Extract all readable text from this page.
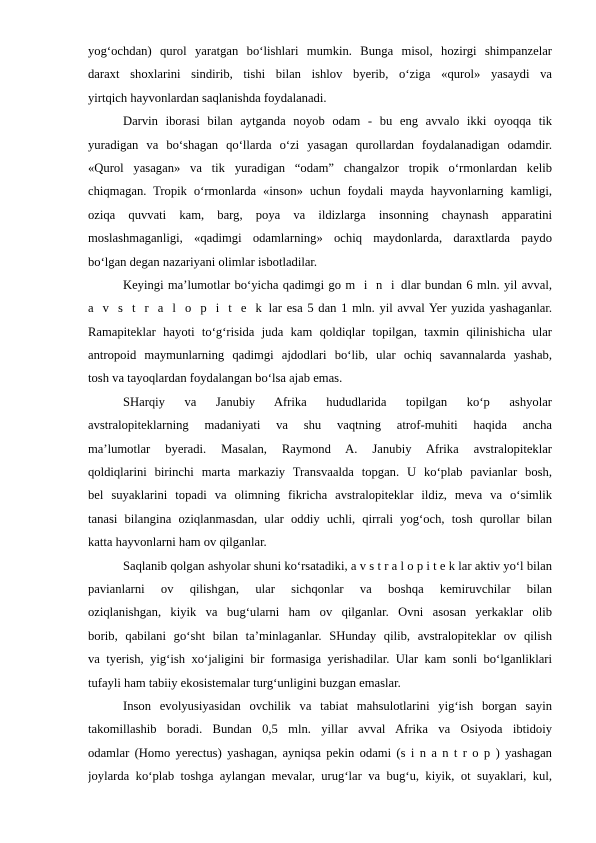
yog‘ochdan) qurol yaratgan bo‘lishlari mumkin. Bunga misol, hozirgi shimpanzelar
daraxt shoxlarini sindirib, tishi bilan ishlov byerib, o‘ziga «qurol» yasaydi va
yirtqich hayvonlardan saqlanishda foydalanadi.
Darvin iborasi bilan aytganda noyob odam - bu eng avvalo ikki oyoqqa tik
yuradigan va bo‘shagan qo‘llarda o‘zi yasagan qurollardan foydalanadigan odamdir.
«Qurol yasagan» va tik yuradigan “odam” changalzor tropik o‘rmonlardan kelib
chiqmagan. Tropik o‘rmonlarda «inson» uchun foydali mayda hayvonlarning kamligi,
oziqa quvvati kam, barg, poya va ildizlarga insonning chaynash apparatini
moslashmaganligi, «qadimgi odamlarning» ochiq maydonlarda, daraxtlarda paydo
bo‘lgan degan nazariyani olimlar isbotladilar.
Keyingi ma’lumotlar bo‘yicha qadimgi go m i n i dlar bundan 6 mln. yil avval,
a v s t r a l o p i t e k lar esa 5 dan 1 mln. yil avval Yer yuzida yashaganlar.
Ramapiteklar hayoti to‘g‘risida juda kam qoldiqlar topilgan, taxmin qilinishicha ular
antropoid maymunlarning qadimgi ajdodlari bo‘lib, ular ochiq savannalarda yashab,
tosh va tayoqlardan foydalangan bo‘lsa ajab emas.
SHarqiy va Janubiy Afrika hududlarida topilgan ko‘p ashyolar
avstralopiteklarning madaniyati va shu vaqtning atrof-muhiti haqida ancha
ma’lumotlar byeradi. Masalan, Raymond A. Janubiy Afrika avstralopiteklar
qoldiqlarini birinchi marta markaziy Transvaalda topgan. U ko‘plab pavianlar bosh,
bel suyaklarini topadi va olimning fikricha avstralopiteklar ildiz, meva va o‘simlik
tanasi bilangina oziqlanmasdan, ular oddiy uchli, qirrali yog‘och, tosh qurollar bilan
katta hayvonlarni ham ov qilganlar.
Saqlanib qolgan ashyolar shuni ko‘rsatadiki, a v s t r a l o p i t e k lar aktiv yo‘l bilan
pavianlarni ov qilishgan, ular sichqonlar va boshqa kemiruvchilar bilan
oziqlanishgan, kiyik va bug‘ularni ham ov qilganlar. Ovni asosan yerkaklar olib
borib, qabilani go‘sht bilan ta’minlaganlar. SHunday qilib, avstralopiteklar ov qilish
va tyerish, yig‘ish xo‘jaligini bir formasiga yerishadilar. Ular kam sonli bo‘lganliklari
tufayli ham tabiiy ekosistemalar turg‘unligini buzgan emaslar.
Inson evolyusiyasidan ovchilik va tabiat mahsulotlarini yig‘ish borgan sayin
takomillashib boradi. Bundan 0,5 mln. yillar avval Afrika va Osiyoda ibtidoiy
odamlar (Homo yerectus) yashagan, ayniqsa pekin odami (s i n a n t r o p ) yashagan
joylarda ko‘plab toshga aylangan mevalar, urug‘lar va bug‘u, kiyik, ot suyaklari, kul,
